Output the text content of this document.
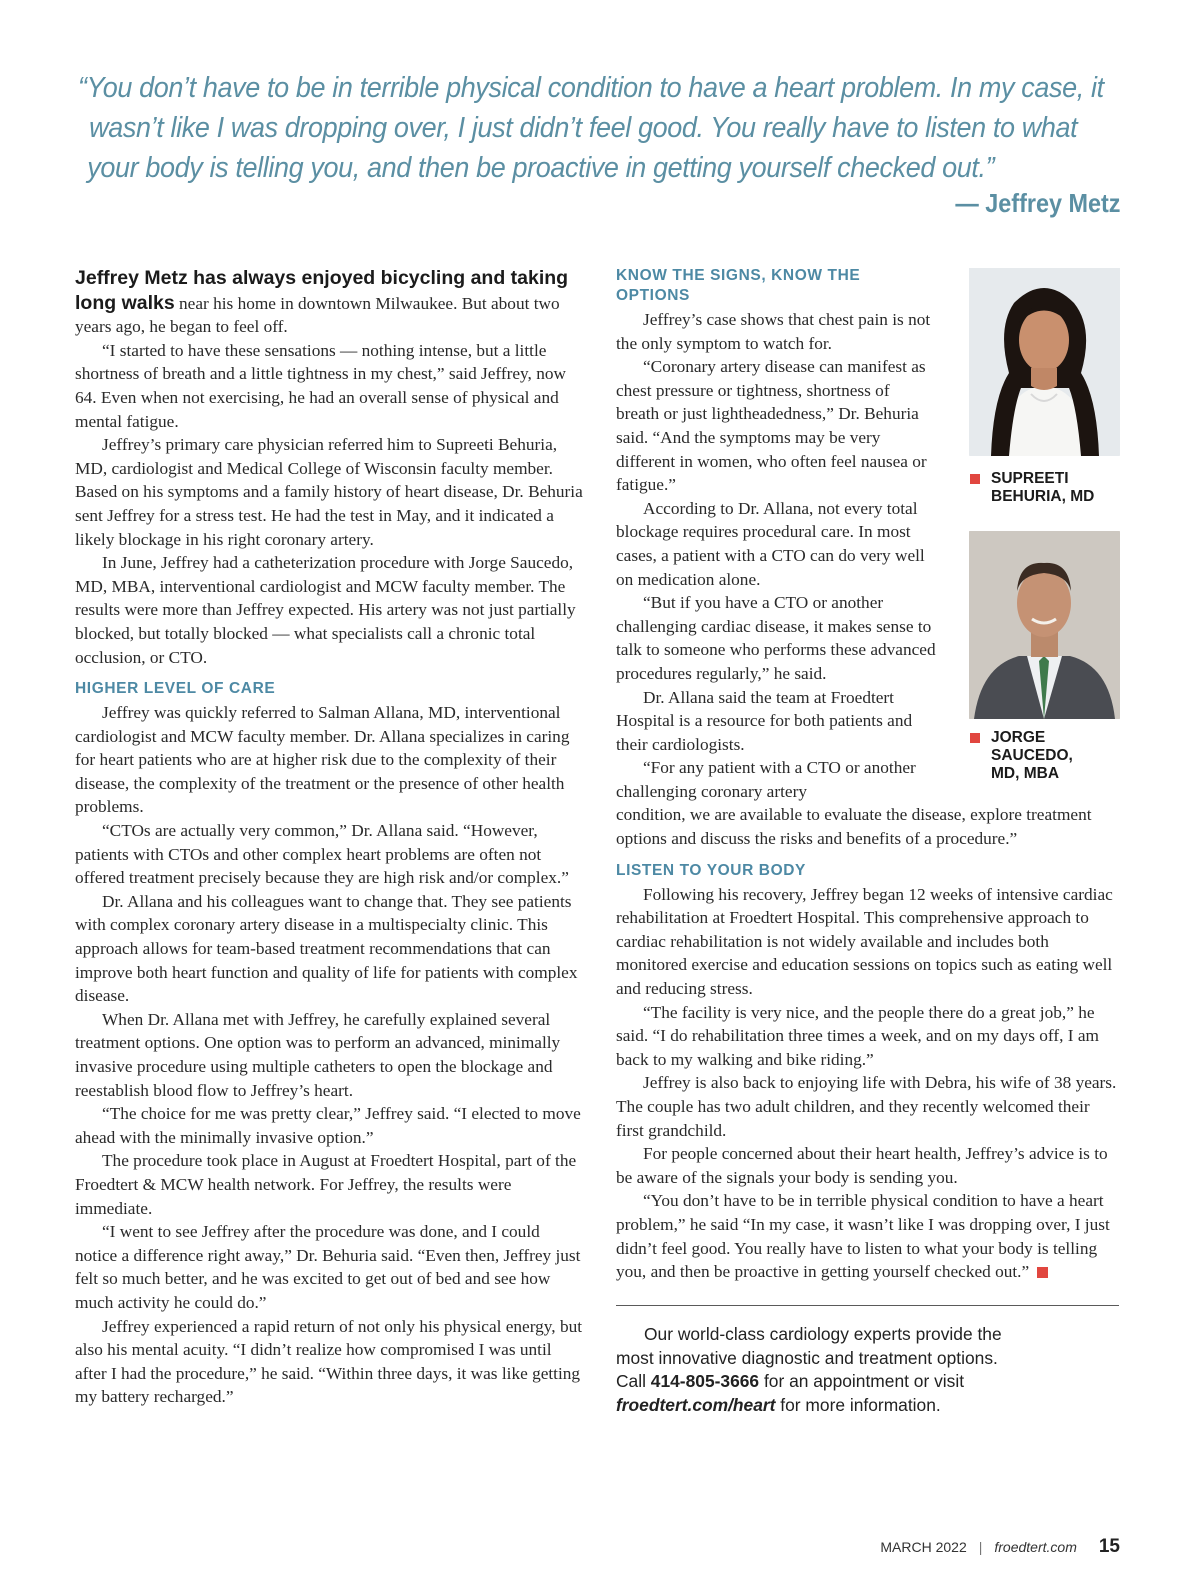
“You don’t have to be in terrible physical condition to have a heart problem. In my case, it
wasn’t like I was dropping over, I just didn’t feel good. You really have to listen to what
your body is telling you, and then be proactive in getting yourself checked out.”
— Jeffrey Metz

Jeffrey Metz has always enjoyed bicycling and taking long walks near his home in downtown Milwaukee. But about two years ago, he began to feel off.

“I started to have these sensations — nothing intense, but a little shortness of breath and a little tightness in my chest,” said Jeffrey, now 64. Even when not exercising, he had an overall sense of physical and mental fatigue.

Jeffrey’s primary care physician referred him to Supreeti Behuria, MD, cardiologist and Medical College of Wisconsin faculty member. Based on his symptoms and a family history of heart disease, Dr. Behuria sent Jeffrey for a stress test. He had the test in May, and it indicated a likely blockage in his right coronary artery.

In June, Jeffrey had a catheterization procedure with Jorge Saucedo, MD, MBA, interventional cardiologist and MCW faculty member. The results were more than Jeffrey expected. His artery was not just partially blocked, but totally blocked — what specialists call a chronic total occlusion, or CTO.

HIGHER LEVEL OF CARE

Jeffrey was quickly referred to Salman Allana, MD, interventional cardiologist and MCW faculty member. Dr. Allana specializes in caring for heart patients who are at higher risk due to the complexity of their disease, the complexity of the treatment or the presence of other health problems.

“CTOs are actually very common,” Dr. Allana said. “However, patients with CTOs and other complex heart problems are often not offered treatment precisely because they are high risk and/or complex.”

Dr. Allana and his colleagues want to change that. They see patients with complex coronary artery disease in a multispecialty clinic. This approach allows for team-based treatment recommendations that can improve both heart function and quality of life for patients with complex disease.

When Dr. Allana met with Jeffrey, he carefully explained several treatment options. One option was to perform an advanced, minimally invasive procedure using multiple catheters to open the blockage and reestablish blood flow to Jeffrey’s heart.

“The choice for me was pretty clear,” Jeffrey said. “I elected to move ahead with the minimally invasive option.”

The procedure took place in August at Froedtert Hospital, part of the Froedtert & MCW health network. For Jeffrey, the results were immediate.

“I went to see Jeffrey after the procedure was done, and I could notice a difference right away,” Dr. Behuria said. “Even then, Jeffrey just felt so much better, and he was excited to get out of bed and see how much activity he could do.”

Jeffrey experienced a rapid return of not only his physical energy, but also his mental acuity. “I didn’t realize how compromised I was until after I had the procedure,” he said. “Within three days, it was like getting my battery recharged.”

KNOW THE SIGNS, KNOW THE OPTIONS

Jeffrey’s case shows that chest pain is not the only symptom to watch for.

“Coronary artery disease can manifest as chest pressure or tightness, shortness of breath or just lightheadedness,” Dr. Behuria said. “And the symptoms may be very different in women, who often feel nausea or fatigue.”

According to Dr. Allana, not every total blockage requires procedural care. In most cases, a patient with a CTO can do very well on medication alone.

“But if you have a CTO or another challenging cardiac disease, it makes sense to talk to someone who performs these advanced procedures regularly,” he said.

Dr. Allana said the team at Froedtert Hospital is a resource for both patients and their cardiologists.

“For any patient with a CTO or another challenging coronary artery

condition, we are available to evaluate the disease, explore treatment options and discuss the risks and benefits of a procedure.”

LISTEN TO YOUR BODY

Following his recovery, Jeffrey began 12 weeks of intensive cardiac rehabilitation at Froedtert Hospital. This comprehensive approach to cardiac rehabilitation is not widely available and includes both monitored exercise and education sessions on topics such as eating well and reducing stress.

“The facility is very nice, and the people there do a great job,” he said. “I do rehabilitation three times a week, and on my days off, I am back to my walking and bike riding.”

Jeffrey is also back to enjoying life with Debra, his wife of 38 years. The couple has two adult children, and they recently welcomed their first grandchild.

For people concerned about their heart health, Jeffrey’s advice is to be aware of the signals your body is sending you.

“You don’t have to be in terrible physical condition to have a heart problem,” he said “In my case, it wasn’t like I was dropping over, I just didn’t feel good. You really have to listen to what your body is telling you, and then be proactive in getting yourself checked out.”

SUPREETI
BEHURIA, MD
JORGE
SAUCEDO,
MD, MBA
Our world-class cardiology experts provide the
most innovative diagnostic and treatment options.
Call 414-805-3666 for an appointment or visit
froedtert.com/heart for more information.
MARCH 2022 | froedtert.com 15
